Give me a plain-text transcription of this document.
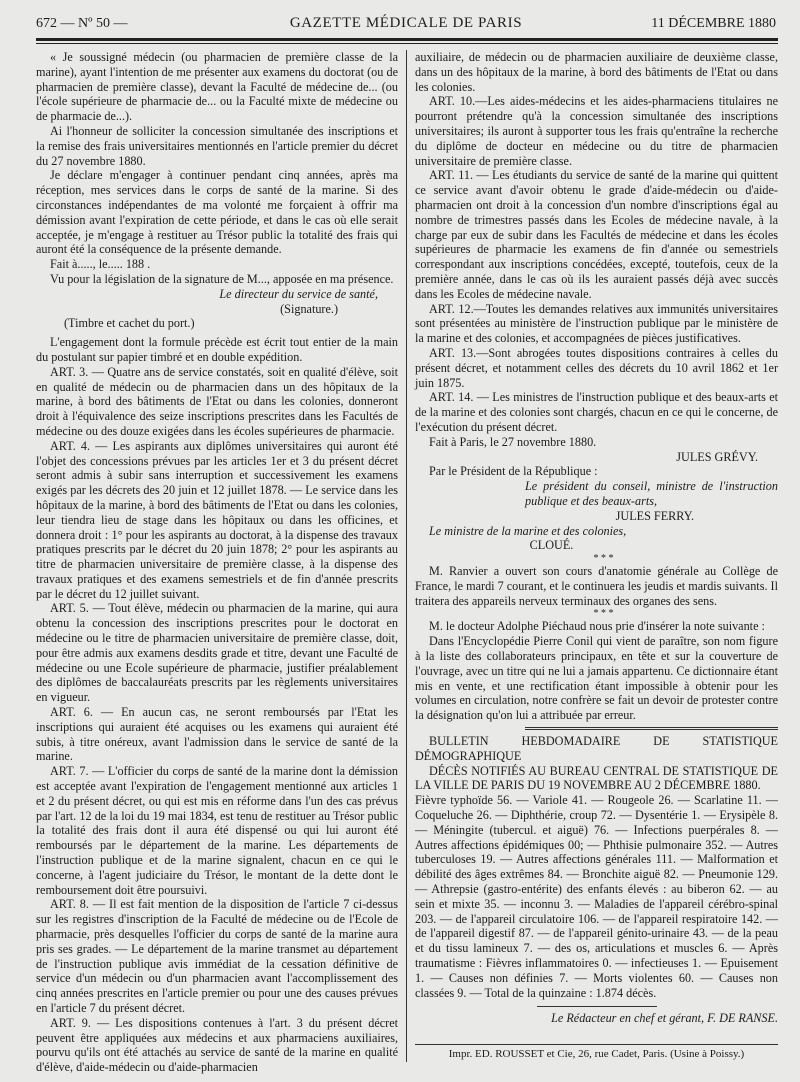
672 — Nº 50 —	GAZETTE MÉDICALE DE PARIS	11 DÉCEMBRE 1880

« Je soussigné médecin (ou pharmacien de première classe de la marine), ayant l'intention de me présenter aux examens du doctorat (ou de pharmacien de première classe), devant la Faculté de médecine de... (ou l'école supérieure de pharmacie de... ou la Faculté mixte de médecine ou de pharmacie de...).

Ai l'honneur de solliciter la concession simultanée des inscriptions et la remise des frais universitaires mentionnés en l'article premier du décret du 27 novembre 1880.

Je déclare m'engager à continuer pendant cinq années, après ma réception, mes services dans le corps de santé de la marine. Si des circonstances indépendantes de ma volonté me forçaient à offrir ma démission avant l'expiration de cette période, et dans le cas où elle serait acceptée, je m'engage à restituer au Trésor public la totalité des frais qui auront été la conséquence de la présente demande.

Fait à....., le..... 188 .

Vu pour la législation de la signature de M..., apposée en ma présence.

Le directeur du service de santé,

(Signature.)

(Timbre et cachet du port.)

L'engagement dont la formule précède est écrit tout entier de la main du postulant sur papier timbré et en double expédition.

ART. 3. — Quatre ans de service constatés, soit en qualité d'élève, soit en qualité de médecin ou de pharmacien dans un des hôpitaux de la marine, à bord des bâtiments de l'Etat ou dans les colonies, donneront droit à l'équivalence des seize inscriptions prescrites dans les Facultés de médecine ou des douze exigées dans les écoles supérieures de pharmacie.

ART. 4. — Les aspirants aux diplômes universitaires qui auront été l'objet des concessions prévues par les articles 1er et 3 du présent décret seront admis à subir sans interruption et successivement les examens exigés par les décrets des 20 juin et 12 juillet 1878. — Le service dans les hôpitaux de la marine, à bord des bâtiments de l'Etat ou dans les colonies, leur tiendra lieu de stage dans les hôpitaux ou dans les officines, et donnera droit : 1° pour les aspirants au doctorat, à la dispense des travaux pratiques prescrits par le décret du 20 juin 1878; 2° pour les aspirants au titre de pharmacien universitaire de première classe, à la dispense des travaux pratiques et des examens semestriels et de fin d'année prescrits par le décret du 12 juillet suivant.

ART. 5. — Tout élève, médecin ou pharmacien de la marine, qui aura obtenu la concession des inscriptions prescrites pour le doctorat en médecine ou le titre de pharmacien universitaire de première classe, doit, pour être admis aux examens desdits grade et titre, devant une Faculté de médecine ou une Ecole supérieure de pharmacie, justifier préalablement des diplômes de baccalauréats prescrits par les règlements universitaires en vigueur.

ART. 6. — En aucun cas, ne seront remboursés par l'Etat les inscriptions qui auraient été acquises ou les examens qui auraient été subis, à titre onéreux, avant l'admission dans le service de santé de la marine.

ART. 7. — L'officier du corps de santé de la marine dont la démission est acceptée avant l'expiration de l'engagement mentionné aux articles 1 et 2 du présent décret, ou qui est mis en réforme dans l'un des cas prévus par l'art. 12 de la loi du 19 mai 1834, est tenu de restituer au Trésor public la totalité des frais dont il aura été dispensé ou qui lui auront été remboursés par le département de la marine. Les départements de l'instruction publique et de la marine signalent, chacun en ce qui le concerne, à l'agent judiciaire du Trésor, le montant de la dette dont le remboursement doit être poursuivi.

ART. 8. — Il est fait mention de la disposition de l'article 7 ci-dessus sur les registres d'inscription de la Faculté de médecine ou de l'Ecole de pharmacie, près desquelles l'officier du corps de santé de la marine aura pris ses grades. — Le département de la marine transmet au département de l'instruction publique avis immédiat de la cessation définitive de service d'un médecin ou d'un pharmacien avant l'accomplissement des cinq années prescrites en l'article premier ou pour une des causes prévues en l'article 7 du présent décret.

ART. 9. — Les dispositions contenues à l'art. 3 du présent décret peuvent être appliquées aux médecins et aux pharmaciens auxiliaires, pourvu qu'ils ont été attachés au service de santé de la marine en qualité d'élève, d'aide-médecin ou d'aide-pharmacien

auxiliaire, de médecin ou de pharmacien auxiliaire de deuxième classe, dans un des hôpitaux de la marine, à bord des bâtiments de l'Etat ou dans les colonies.

ART. 10.—Les aides-médecins et les aides-pharmaciens titulaires ne pourront prétendre qu'à la concession simultanée des inscriptions universitaires; ils auront à supporter tous les frais qu'entraîne la recherche du diplôme de docteur en médecine ou du titre de pharmacien universitaire de première classe.

ART. 11. — Les étudiants du service de santé de la marine qui quittent ce service avant d'avoir obtenu le grade d'aide-médecin ou d'aide-pharmacien ont droit à la concession d'un nombre d'inscriptions égal au nombre de trimestres passés dans les Ecoles de médecine navale, à la charge par eux de subir dans les Facultés de médecine et dans les écoles supérieures de pharmacie les examens de fin d'année ou semestriels correspondant aux inscriptions concédées, excepté, toutefois, ceux de la première année, dans le cas où ils les auraient passés déjà avec succès dans les Ecoles de médecine navale.

ART. 12.—Toutes les demandes relatives aux immunités universitaires sont présentées au ministère de l'instruction publique par le ministère de la marine et des colonies, et accompagnées de pièces justificatives.

ART. 13.—Sont abrogées toutes dispositions contraires à celles du présent décret, et notamment celles des décrets du 10 avril 1862 et 1er juin 1875.

ART. 14. — Les ministres de l'instruction publique et des beaux-arts et de la marine et des colonies sont chargés, chacun en ce qui le concerne, de l'exécution du présent décret.

Fait à Paris, le 27 novembre 1880.

JULES GRÉVY.

Par le Président de la République :

Le président du conseil, ministre de l'instruction publique et des beaux-arts,

JULES FERRY.

Le ministre de la marine et des colonies,

CLOUÉ.

* * *

M. Ranvier a ouvert son cours d'anatomie générale au Collège de France, le mardi 7 courant, et le continuera les jeudis et mardis suivants. Il traitera des appareils nerveux terminaux des organes des sens.

* * *

M. le docteur Adolphe Piéchaud nous prie d'insérer la note suivante :

Dans l'Encyclopédie Pierre Conil qui vient de paraître, son nom figure à la liste des collaborateurs principaux, en tête et sur la couverture de l'ouvrage, avec un titre qui ne lui a jamais appartenu. Ce dictionnaire étant mis en vente, et une rectification étant impossible à obtenir pour les volumes en circulation, notre confrère se fait un devoir de protester contre la désignation qu'on lui a attribuée par erreur.

BULLETIN HEBDOMADAIRE DE STATISTIQUE DÉMOGRAPHIQUE

DÉCÈS NOTIFIÉS AU BUREAU CENTRAL DE STATISTIQUE DE LA VILLE DE PARIS DU 19 NOVEMBRE AU 2 DÉCEMBRE 1880.

Fièvre typhoïde 56. — Variole 41. — Rougeole 26. — Scarlatine 11. — Coqueluche 26. — Diphthérie, croup 72. — Dysentérie 1. — Erysipèle 8. — Méningite (tubercul. et aiguë) 76. — Infections puerpérales 8. — Autres affections épidémiques 00; — Phthisie pulmonaire 352. — Autres tuberculoses 19. — Autres affections générales 111. — Malformation et débilité des âges extrêmes 84. — Bronchite aiguë 82. — Pneumonie 129. — Athrepsie (gastro-entérite) des enfants élevés : au biberon 62. — au sein et mixte 35. — inconnu 3. — Maladies de l'appareil cérébro-spinal 203. — de l'appareil circulatoire 106. — de l'appareil respiratoire 142. — de l'appareil digestif 87. — de l'appareil génito-urinaire 43. — de la peau et du tissu lamineux 7. — des os, articulations et muscles 6. — Après traumatisme : Fièvres inflammatoires 0. — infectieuses 1. — Epuisement 1. — Causes non définies 7. — Morts violentes 60. — Causes non classées 9. — Total de la quinzaine : 1.874 décès.

Le Rédacteur en chef et gérant, F. DE RANSE.

Impr. ED. ROUSSET et Cie, 26, rue Cadet, Paris. (Usine à Poissy.)
